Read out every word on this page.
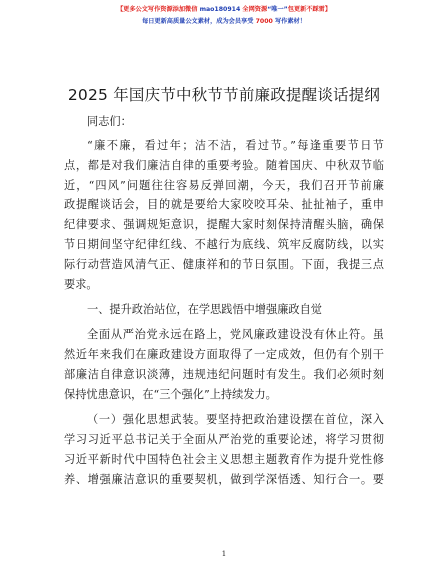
【更多公文写作资源添加微信 mao180914 全网资源“唯一”包更新不踩雷】
每日更新高质量公文素材，成为会员享受 7000 写作素材！
2025 年国庆节中秋节节前廉政提醒谈话提纲
同志们：
“廉不廉，看过年；洁不洁，看过节。”每逢重要节日节
点，都是对我们廉洁自律的重要考验。随着国庆、中秋双节临
近，“四风”问题往往容易反弹回潮，今天，我们召开节前廉
政提醒谈话会，目的就是要给大家咬咬耳朵、扯扯袖子，重申
纪律要求、强调规矩意识，提醒大家时刻保持清醒头脑，确保
节日期间坚守纪律红线、不越行为底线、筑牢反腐防线，以实
际行动营造风清气正、健康祥和的节日氛围。下面，我提三点
要求。
一、提升政治站位，在学思践悟中增强廉政自觉
全面从严治党永远在路上，党风廉政建设没有休止符。虽
然近年来我们在廉政建设方面取得了一定成效，但仍有个别干
部廉洁自律意识淡薄，违规违纪问题时有发生。我们必须时刻
保持忧患意识，在“三个强化”上持续发力。
（一）强化思想武装。要坚持把政治建设摆在首位，深入
学习习近平总书记关于全面从严治党的重要论述，将学习贯彻
习近平新时代中国特色社会主义思想主题教育作为提升党性修
养、增强廉洁意识的重要契机，做到学深悟透、知行合一。要
1
